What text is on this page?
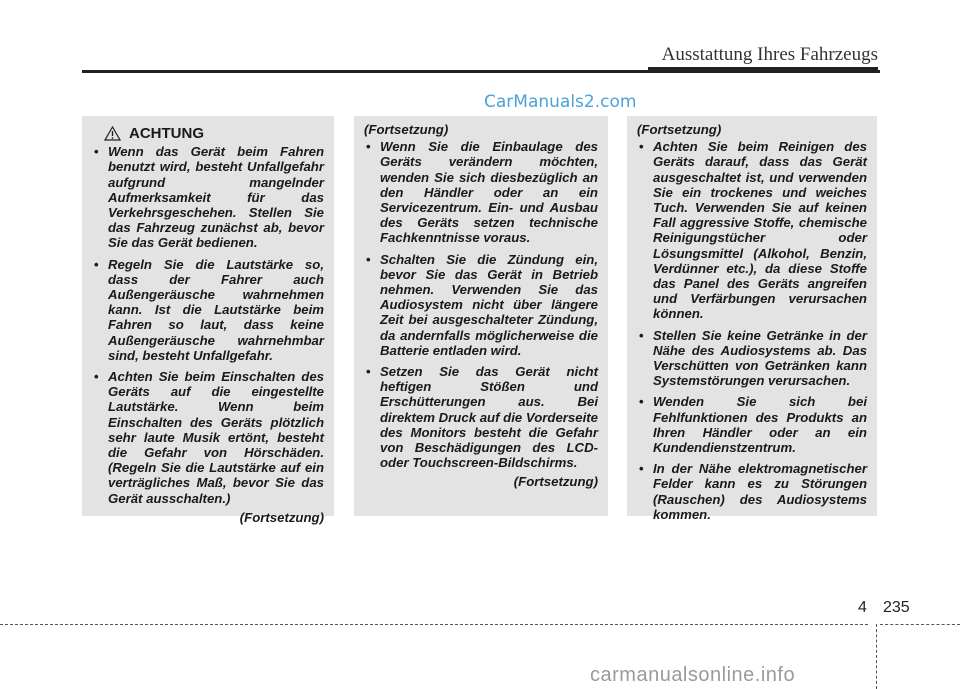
Ausstattung Ihres Fahrzeugs
CarManuals2.com
ACHTUNG
• Wenn das Gerät beim Fahren benutzt wird, besteht Unfallgefahr aufgrund mangelnder Aufmerksamkeit für das Verkehrsgeschehen. Stellen Sie das Fahrzeug zunächst ab, bevor Sie das Gerät bedienen.
• Regeln Sie die Lautstärke so, dass der Fahrer auch Außengeräusche wahrnehmen kann. Ist die Lautstärke beim Fahren so laut, dass keine Außengeräusche wahrnehmbar sind, besteht Unfallgefahr.
• Achten Sie beim Einschalten des Geräts auf die eingestellte Lautstärke. Wenn beim Einschalten des Geräts plötzlich sehr laute Musik ertönt, besteht die Gefahr von Hörschäden. (Regeln Sie die Lautstärke auf ein verträgliches Maß, bevor Sie das Gerät ausschalten.)
(Fortsetzung)
(Fortsetzung)
• Wenn Sie die Einbaulage des Geräts verändern möchten, wenden Sie sich diesbezüglich an den Händler oder an ein Servicezentrum. Ein- und Ausbau des Geräts setzen technische Fachkenntnisse voraus.
• Schalten Sie die Zündung ein, bevor Sie das Gerät in Betrieb nehmen. Verwenden Sie das Audiosystem nicht über längere Zeit bei ausgeschalteter Zündung, da andernfalls möglicherweise die Batterie entladen wird.
• Setzen Sie das Gerät nicht heftigen Stößen und Erschütterungen aus. Bei direktem Druck auf die Vorderseite des Monitors besteht die Gefahr von Beschädigungen des LCD- oder Touchscreen-Bildschirms.
(Fortsetzung)
(Fortsetzung)
• Achten Sie beim Reinigen des Geräts darauf, dass das Gerät ausgeschaltet ist, und verwenden Sie ein trockenes und weiches Tuch. Verwenden Sie auf keinen Fall aggressive Stoffe, chemische Reinigungstücher oder Lösungsmittel (Alkohol, Benzin, Verdünner etc.), da diese Stoffe das Panel des Geräts angreifen und Verfärbungen verursachen können.
• Stellen Sie keine Getränke in der Nähe des Audiosystems ab. Das Verschütten von Getränken kann Systemstörungen verursachen.
• Wenden Sie sich bei Fehlfunktionen des Produkts an Ihren Händler oder an ein Kundendienstzentrum.
• In der Nähe elektromagnetischer Felder kann es zu Störungen (Rauschen) des Audiosystems kommen.
4 235
carmanualsonline.info
